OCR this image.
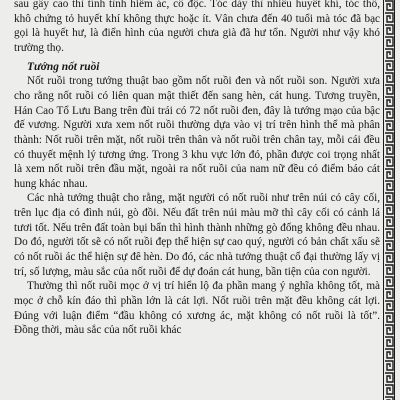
sau gây cao thì tính tình hiểm ác, cô độc. Tóc dày thì nhiều huyết khí, tóc thô, khô chứng tỏ huyết khí không thực hoặc ít. Vân chưa đến 40 tuổi mà tóc đã bạc gọi là huyết hư, là điển hình của người chưa già đã hư tổn. Người như vậy khó trường thọ.

Tướng nốt ruồi

Nốt ruồi trong tướng thuật bao gồm nốt ruồi đen và nốt ruồi son. Người xưa cho rằng nốt ruồi có liên quan mật thiết đến sang hèn, cát hung. Tương truyền, Hán Cao Tổ Lưu Bang trên đùi trái có 72 nốt ruồi đen, đây là tướng mạo của bậc đế vương. Người xưa xem nốt ruồi thường dựa vào vị trí trên hình thể mà phân thành: Nốt ruồi trên mặt, nốt ruồi trên thân và nốt ruồi trên chân tay, mỗi cái đều có thuyết mệnh lý tương ứng. Trong 3 khu vực lớn đó, phần được coi trọng nhất là xem nốt ruồi trên đầu mặt, ngoài ra nốt ruồi của nam nữ đều có điểm báo cát hung khác nhau.

Các nhà tướng thuật cho rằng, mặt người có nốt ruồi như trên núi có cây cối, trên lục địa có đình núi, gò đồi. Nếu đất trên núi màu mỡ thì cây cối có cảnh lá tươi tốt. Nếu trên đất toàn bụi bẩn thì hình thành những gò đống không đều nhau. Do đó, người tốt sẽ có nốt ruồi đẹp thể hiện sự cao quý, người có bản chất xấu sẽ có nốt ruồi ác thể hiện sự đê hèn. Do đó, các nhà tướng thuật cổ đại thường lấy vị trí, số lượng, màu sắc của nốt ruồi để dự đoán cát hung, bần tiện của con người.

Thường thì nốt ruồi mọc ở vị trí hiển lộ đa phần mang ý nghĩa không tốt, mà mọc ở chỗ kín đáo thì phần lớn là cát lợi. Nốt ruồi trên mặt đều không cát lợi. Đúng với luận điểm “đầu không có xương ác, mặt không có nốt ruồi là tốt”. Đồng thời, màu sắc của nốt ruồi khác
